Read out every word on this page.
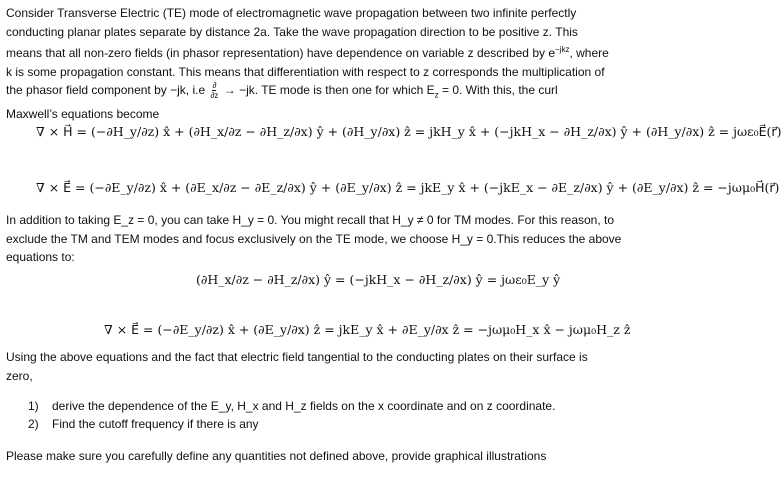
Consider Transverse Electric (TE) mode of electromagnetic wave propagation between two infinite perfectly
conducting planar plates separate by distance 2a. Take the wave propagation direction to be positive z. This
means that all non-zero fields (in phasor representation) have dependence on variable z described by $e^{-jkz}$, where
k is some propagation constant. This means that differentiation with respect to z corresponds the multiplication of
the phasor field component by −jk, $i.e \frac{\partial}{\partial z} \to -jk$. TE mode is then one for which $E_z = 0$. With this, the curl
Maxwell’s equations become
∇ × H⃗ = (−∂H_y/∂z) x̂ + (∂H_x/∂z − ∂H_z/∂x) ŷ + (∂H_y/∂x) ẑ = jkH_y x̂ + (−jkH_x − ∂H_z/∂x) ŷ + (∂H_y/∂x) ẑ = jωε₀E⃗(r⃗)
∇ × E⃗ = (−∂E_y/∂z) x̂ + (∂E_x/∂z − ∂E_z/∂x) ŷ + (∂E_y/∂x) ẑ = jkE_y x̂ + (−jkE_x − ∂E_z/∂x) ŷ + (∂E_y/∂x) ẑ = −jωμ₀H⃗(r⃗)
In addition to taking E_z = 0, you can take H_y = 0. You might recall that H_y ≠ 0 for TM modes. For this reason, to
exclude the TM and TEM modes and focus exclusively on the TE mode, we choose H_y = 0.This reduces the above
equations to:
(∂H_x/∂z − ∂H_z/∂x) ŷ = (−jkH_x − ∂H_z/∂x) ŷ = jωε₀E_y ŷ
∇ × E⃗ = (−∂E_y/∂z) x̂ + (∂E_y/∂x) ẑ = jkE_y x̂ + ∂E_y/∂x ẑ = −jωμ₀H_x x̂ − jωμ₀H_z ẑ
Using the above equations and the fact that electric field tangential to the conducting plates on their surface is
zero,
1) derive the dependence of the E_y, H_x and H_z fields on the x coordinate and on z coordinate.
2) Find the cutoff frequency if there is any
Please make sure you carefully define any quantities not defined above, provide graphical illustrations
